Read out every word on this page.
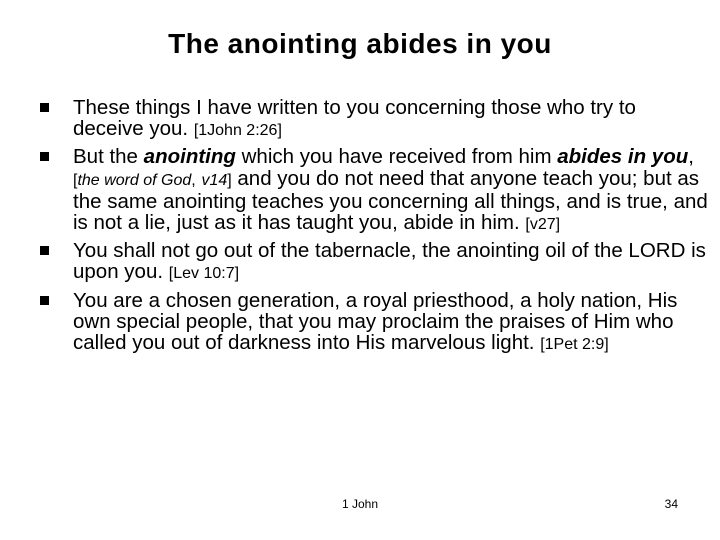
The anointing abides in you
These things I have written to you concerning those who try to deceive you. [1John 2:26]
But the anointing which you have received from him abides in you, [the word of God, v14] and you do not need that anyone teach you; but as the same anointing teaches you concerning all things, and is true, and is not a lie, just as it has taught you, abide in him. [v27]
You shall not go out of the tabernacle, the anointing oil of the LORD is upon you. [Lev 10:7]
You are a chosen generation, a royal priesthood, a holy nation, His own special people, that you may proclaim the praises of Him who called you out of darkness into His marvelous light. [1Pet 2:9]
1 John	34
